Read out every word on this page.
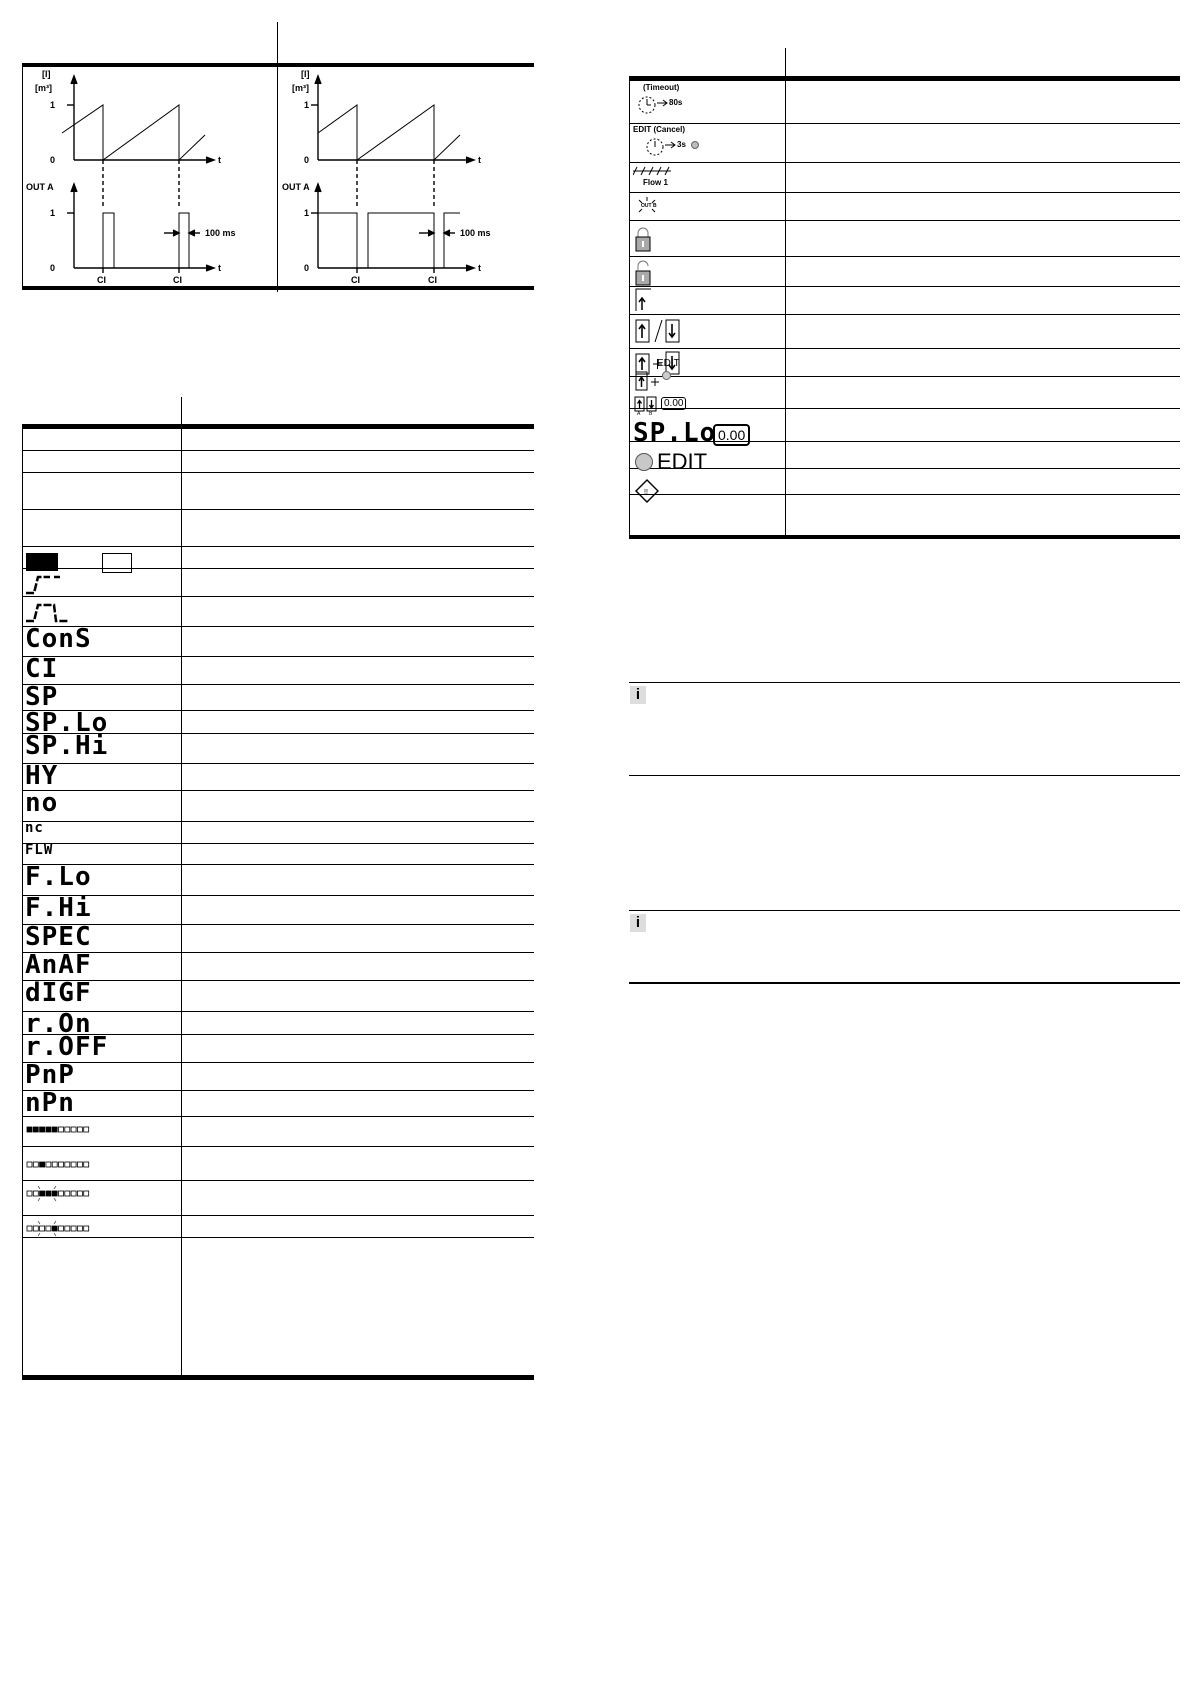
[l]
[m³]
1
0	t
OUT A
1
0	t
100 ms
CI	CI
[l]
[m³]
1
0	t
OUT A
1
0	t
100 ms
CI	CI
ConS
CI
SP
SP.Lo
SP.Hi
HY
no
nc
FLW
F.Lo
F.Hi
SPEC
AnAF
dIGF
r.On
r.OFF
PnP
nPn
(Timeout)
80s
EDIT (Cancel)
3s
Flow 1
OUT B
EDIT
A B
0.00
SP.Lo 0.00
EDIT
!!
i
i
